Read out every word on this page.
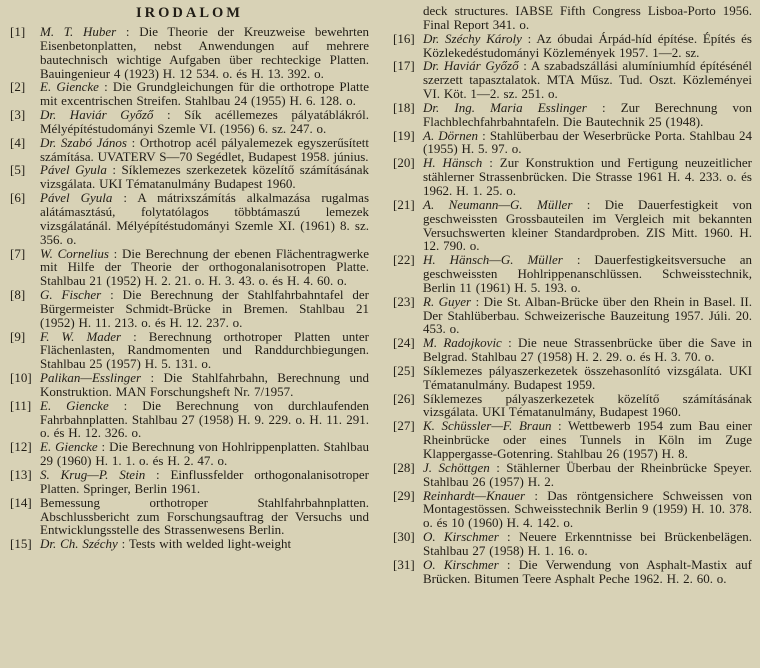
IRODALOM
[1]	M. T. Huber : Die Theorie der Kreuzweise bewehrten Eisenbetonplatten, nebst Anwendungen auf mehrere bautechnisch wichtige Aufgaben über rechteckige Platten. Bauingenieur 4 (1923) H. 12 534. o. és H. 13. 392. o.
[2]	E. Giencke : Die Grundgleichungen für die orthotrope Platte mit excentrischen Streifen. Stahlbau 24 (1955) H. 6. 128. o.
[3]	Dr. Haviár Győző : Sík acéllemezes pályatáblákról. Mélyépítéstudományi Szemle VI. (1956) 6. sz. 247. o.
[4]	Dr. Szabó János : Orthotrop acél pályalemezek egyszerűsített számítása. UVATERV S—70 Segédlet, Budapest 1958. június.
[5]	Pável Gyula : Síklemezes szerkezetek közelítő számításának vizsgálata. UKI Tématanulmány Budapest 1960.
[6]	Pável Gyula : A mátrixszámítás alkalmazása rugalmas alátámasztású, folytatólagos többtámaszú lemezek vizsgálatánál. Mélyépítéstudományi Szemle XI. (1961) 8. sz. 356. o.
[7]	W. Cornelius : Die Berechnung der ebenen Flächentragwerke mit Hilfe der Theorie der orthogonalanisotropen Platte. Stahlbau 21 (1952) H. 2. 21. o. H. 3. 43. o. és H. 4. 60. o.
[8]	G. Fischer : Die Berechnung der Stahlfahrbahntafel der Bürgermeister Schmidt-Brücke in Bremen. Stahlbau 21 (1952) H. 11. 213. o. és H. 12. 237. o.
[9]	F. W. Mader : Berechnung orthotroper Platten unter Flächenlasten, Randmomenten und Randdurchbiegungen. Stahlbau 25 (1957) H. 5. 131. o.
[10] Palikan—Esslinger : Die Stahlfahrbahn, Berechnung und Konstruktion. MAN Forschungsheft Nr. 7/1957.
[11] E. Giencke : Die Berechnung von durchlaufenden Fahrbahnplatten. Stahlbau 27 (1958) H. 9. 229. o. H. 11. 291. o. és H. 12. 326. o.
[12] E. Giencke : Die Berechnung von Hohlrippenplatten. Stahlbau 29 (1960) H. 1. 1. o. és H. 2. 47. o.
[13] S. Krug—P. Stein : Einflussfelder orthogonalanisotroper Platten. Springer, Berlin 1961.
[14] Bemessung orthotroper Stahlfahrbahnplatten. Abschlussbericht zum Forschungsauftrag der Versuchs und Entwicklungsstelle des Strassenwesens Berlin.
[15] Dr. Ch. Széchy : Tests with welded light-weight
deck structures. IABSE Fifth Congress Lisboa-Porto 1956. Final Report 341. o.
[16] Dr. Széchy Károly : Az óbudai Árpád-híd építése. Építés és Közlekedéstudományi Közlemények 1957. 1—2. sz.
[17] Dr. Haviár Győző : A szabadszállási alumíniumhíd építésénél szerzett tapasztalatok. MTA Műsz. Tud. Oszt. Közleményei VI. Köt. 1—2. sz. 251. o.
[18] Dr. Ing. Maria Esslinger : Zur Berechnung von Flachblechfahrbahntafeln. Die Bautechnik 25 (1948).
[19] A. Dörnen : Stahlüberbau der Weserbrücke Porta. Stahlbau 24 (1955) H. 5. 97. o.
[20] H. Hänsch : Zur Konstruktion und Fertigung neuzeitlicher stählerner Strassenbrücken. Die Strasse 1961 H. 4. 233. o. és 1962. H. 1. 25. o.
[21] A. Neumann—G. Müller : Die Dauerfestigkeit von geschweissten Grossbauteilen im Vergleich mit bekannten Versuchswerten kleiner Standardproben. ZIS Mitt. 1960. H. 12. 790. o.
[22] H. Hänsch—G. Müller : Dauerfestigkeitsversuche an geschweissten Hohlrippenanschlüssen. Schweisstechnik, Berlin 11 (1961) H. 5. 193. o.
[23] R. Guyer : Die St. Alban-Brücke über den Rhein in Basel. II. Der Stahlüberbau. Schweizerische Bauzeitung 1957. Júli. 20. 453. o.
[24] M. Radojkovic : Die neue Strassenbrücke über die Save in Belgrad. Stahlbau 27 (1958) H. 2. 29. o. és H. 3. 70. o.
[25] Síklemezes pályaszerkezetek összehasonlító vizsgálata. UKI Tématanulmány. Budapest 1959.
[26] Síklemezes pályaszerkezetek közelítő számításának vizsgálata. UKI Tématanulmány, Budapest 1960.
[27] K. Schüssler—F. Braun : Wettbewerb 1954 zum Bau einer Rheinbrücke oder eines Tunnels in Köln im Zuge Klappergasse-Gotenring. Stahlbau 26 (1957) H. 8.
[28] J. Schöttgen : Stählerner Überbau der Rheinbrücke Speyer. Stahlbau 26 (1957) H. 2.
[29] Reinhardt—Knauer : Das röntgensichere Schweissen von Montagestössen. Schweisstechnik Berlin 9 (1959) H. 10. 378. o. és 10 (1960) H. 4. 142. o.
[30] O. Kirschmer : Neuere Erkenntnisse bei Brückenbelägen. Stahlbau 27 (1958) H. 1. 16. o.
[31] O. Kirschmer : Die Verwendung von Asphalt-Mastix auf Brücken. Bitumen Teere Asphalt Peche 1962. H. 2. 60. o.
